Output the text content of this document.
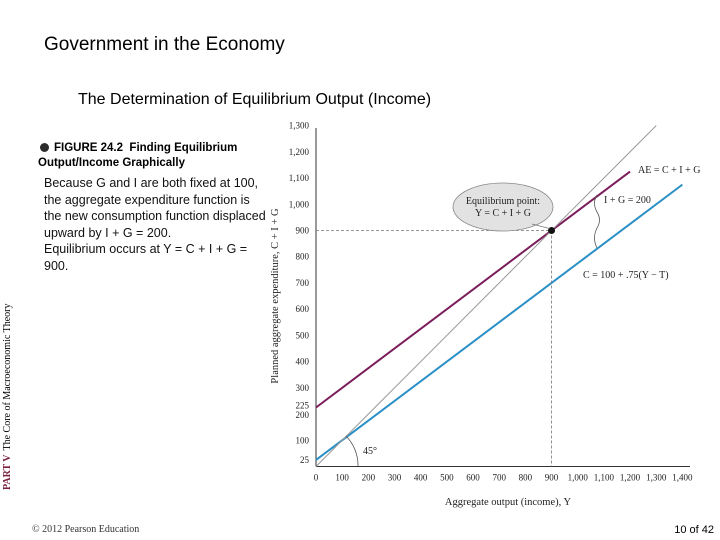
Government in the Economy
The Determination of Equilibrium Output (Income)
FIGURE 24.2 Finding Equilibrium Output/Income Graphically
Because G and I are both fixed at 100, the aggregate expenditure function is the new consumption function displaced upward by I + G = 200.
Equilibrium occurs at Y = C + I + G = 900.
PART VThe Core of Macroeconomic Theory
25
100
200
225
300
400
500
600
700
800
900
1,000
1,100
1,200
1,300
0 100 200 300 400 500 600 700 800 900 1,000 1,100 1,200 1,300 1,400
Aggregate output (income), Y
Planned aggregate expenditure, C + I + G
Equilibrium point:
Y = C + I + G
AE = C + I + G
C = 100 + .75(Y − T)
I + G = 200
45°
© 2012 Pearson Education	10 of 42
